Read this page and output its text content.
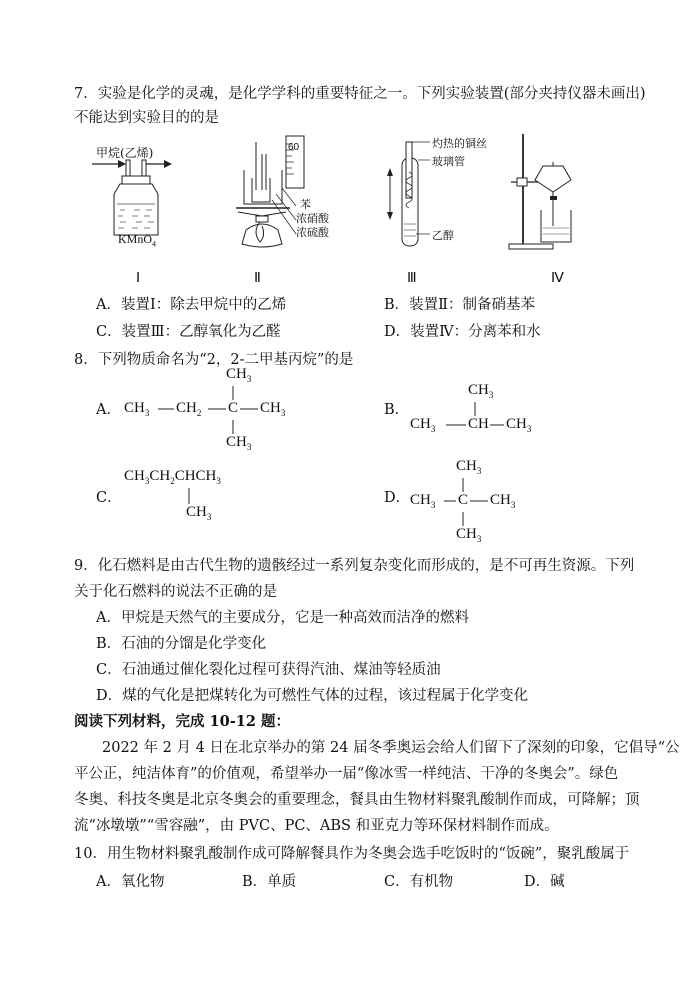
7．实验是化学的灵魂，是化学学科的重要特征之一。下列实验装置(部分夹持仪器未画出)
不能达到实验目的的是
甲烷(乙烯)
KMnO$_4$
60
苯
浓硝酸
浓硫酸
灼热的铜丝
玻璃管
乙醇
Ⅰ	Ⅱ	Ⅲ	Ⅳ
A．装置Ⅰ：除去甲烷中的乙烯	B．装置Ⅱ：制备硝基苯
C．装置Ⅲ：乙醇氧化为乙醛	D．装置Ⅳ：分离苯和水
8．下列物质命名为“2，2-二甲基丙烷”的是
A．
$CH_3$
$CH_3$ $CH_2$ C $CH_3$
$CH_3$
B．
$CH_3$
$CH_3$ CH $CH_3$
C．
$CH_3CH_2CHCH_3$
$CH_3$
D．
$CH_3$
$CH_3$ C $CH_3$
$CH_3$
9．化石燃料是由古代生物的遗骸经过一系列复杂变化而形成的，是不可再生资源。下列
关于化石燃料的说法不正确的是
A．甲烷是天然气的主要成分，它是一种高效而洁净的燃料
B．石油的分馏是化学变化
C．石油通过催化裂化过程可获得汽油、煤油等轻质油
D．煤的气化是把煤转化为可燃性气体的过程，该过程属于化学变化
阅读下列材料，完成 10-12 题：
2022 年 2 月 4 日在北京举办的第 24 届冬季奥运会给人们留下了深刻的印象，它倡导“公
平公正，纯洁体育”的价值观，希望举办一届“像冰雪一样纯洁、干净的冬奥会”。绿色
冬奥、科技冬奥是北京冬奥会的重要理念，餐具由生物材料聚乳酸制作而成，可降解；顶
流“冰墩墩”“雪容融”，由 PVC、PC、ABS 和亚克力等环保材料制作而成。
10．用生物材料聚乳酸制作成可降解餐具作为冬奥会选手吃饭时的“饭碗”，聚乳酸属于
A．氧化物	B．单质	C．有机物	D．碱
